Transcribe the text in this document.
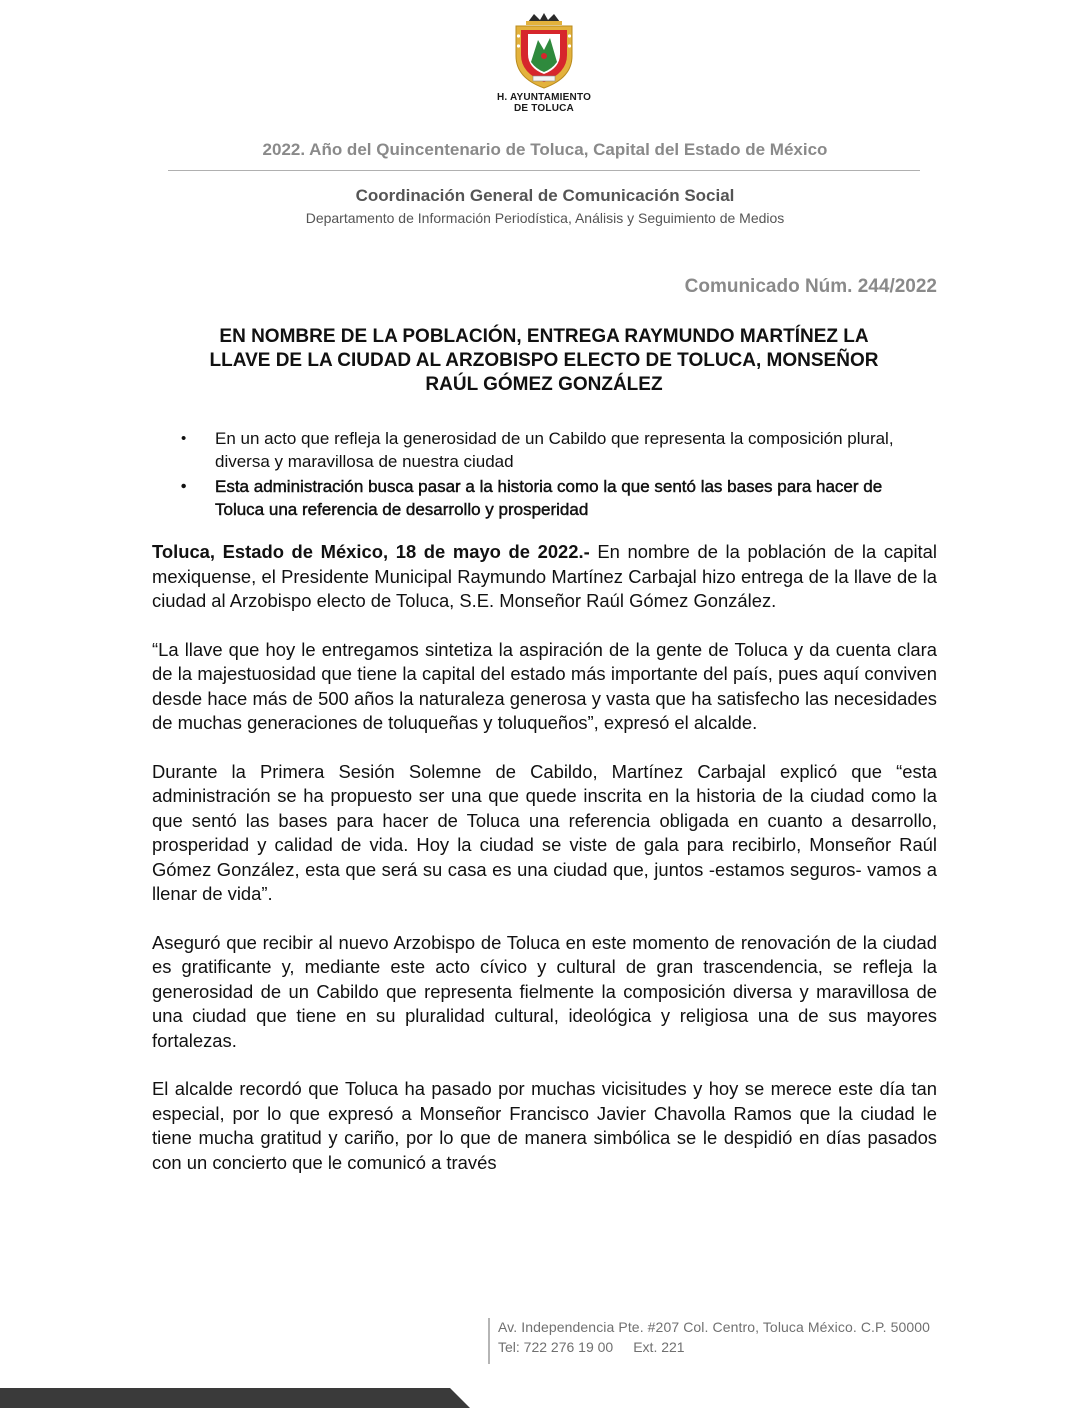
H. AYUNTAMIENTO
DE TOLUCA
2022. Año del Quincentenario de Toluca, Capital del Estado de México
Coordinación General de Comunicación Social
Departamento de Información Periodística, Análisis y Seguimiento de Medios
Comunicado Núm. 244/2022
EN NOMBRE DE LA POBLACIÓN, ENTREGA RAYMUNDO MARTÍNEZ LA
LLAVE DE LA CIUDAD AL ARZOBISPO ELECTO DE TOLUCA, MONSEÑOR
RAÚL GÓMEZ GONZÁLEZ
• En un acto que refleja la generosidad de un Cabildo que representa la composición plural, diversa y maravillosa de nuestra ciudad
• Esta administración busca pasar a la historia como la que sentó las bases para hacer de Toluca una referencia de desarrollo y prosperidad

Toluca, Estado de México, 18 de mayo de 2022.- En nombre de la población de la capital mexiquense, el Presidente Municipal Raymundo Martínez Carbajal hizo entrega de la llave de la ciudad al Arzobispo electo de Toluca, S.E. Monseñor Raúl Gómez González.

“La llave que hoy le entregamos sintetiza la aspiración de la gente de Toluca y da cuenta clara de la majestuosidad que tiene la capital del estado más importante del país, pues aquí conviven desde hace más de 500 años la naturaleza generosa y vasta que ha satisfecho las necesidades de muchas generaciones de toluqueñas y toluqueños”, expresó el alcalde.

Durante la Primera Sesión Solemne de Cabildo, Martínez Carbajal explicó que “esta administración se ha propuesto ser una que quede inscrita en la historia de la ciudad como la que sentó las bases para hacer de Toluca una referencia obligada en cuanto a desarrollo, prosperidad y calidad de vida. Hoy la ciudad se viste de gala para recibirlo, Monseñor Raúl Gómez González, esta que será su casa es una ciudad que, juntos -estamos seguros- vamos a llenar de vida”.

Aseguró que recibir al nuevo Arzobispo de Toluca en este momento de renovación de la ciudad es gratificante y, mediante este acto cívico y cultural de gran trascendencia, se refleja la generosidad de un Cabildo que representa fielmente la composición diversa y maravillosa de una ciudad que tiene en su pluralidad cultural, ideológica y religiosa una de sus mayores fortalezas.

El alcalde recordó que Toluca ha pasado por muchas vicisitudes y hoy se merece este día tan especial, por lo que expresó a Monseñor Francisco Javier Chavolla Ramos que la ciudad le tiene mucha gratitud y cariño, por lo que de manera simbólica se le despidió en días pasados con un concierto que le comunicó a través

Av. Independencia Pte. #207 Col. Centro, Toluca México. C.P. 50000
Tel: 722 276 19 00 Ext. 221
